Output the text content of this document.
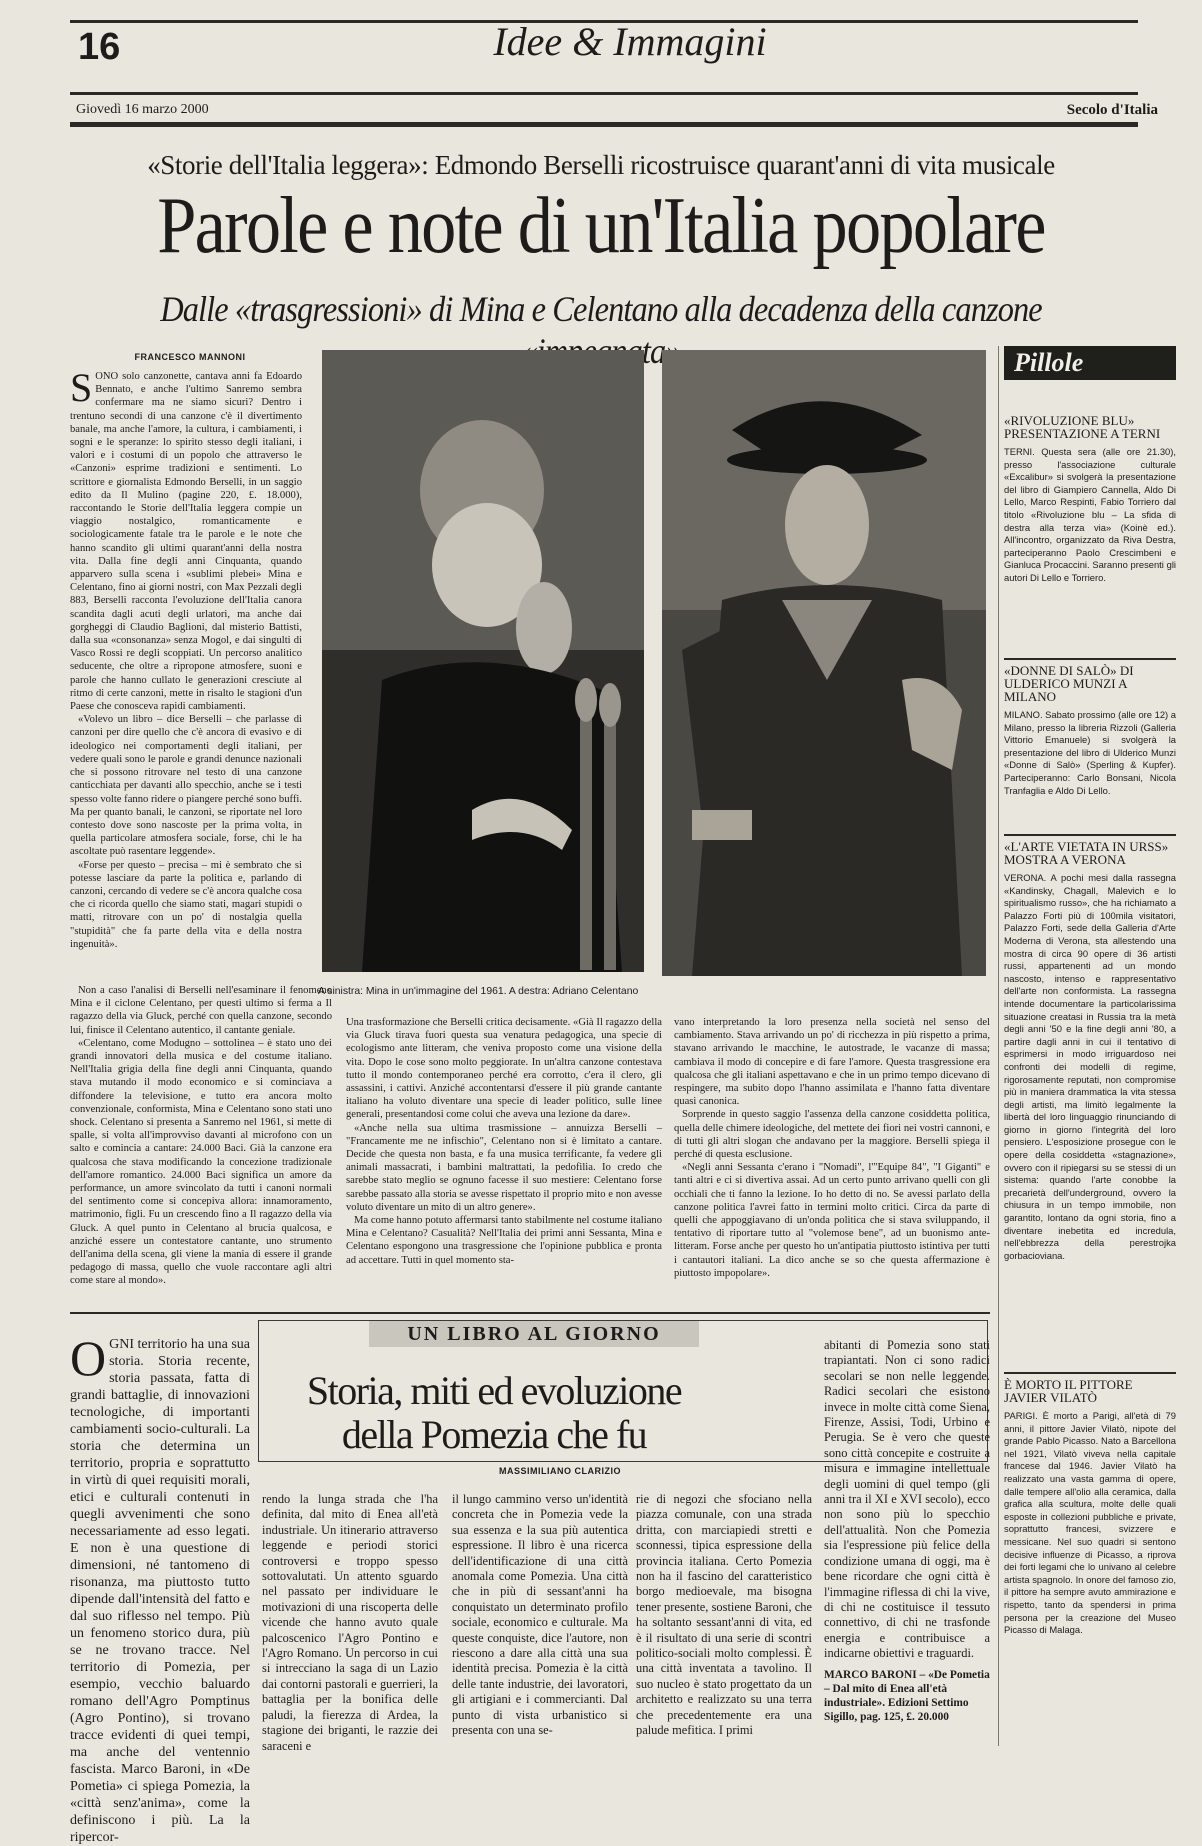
16	Idee & Immagini
Giovedì 16 marzo 2000	Secolo d'Italia
«Storie dell'Italia leggera»: Edmondo Berselli ricostruisce quarant'anni di vita musicale
Parole e note di un'Italia popolare
Dalle «trasgressioni» di Mina e Celentano alla decadenza della canzone
FRANCESCO MANNONI

SONO solo canzonette, cantava anni fa Edoardo Bennato, e anche l'ultimo Sanremo sembra confermare ma ne siamo sicuri? Dentro i trentuno secondi di una canzone c'è il divertimento banale, ma anche l'amore, la cultura, i cambiamenti, i sogni e le speranze: lo spirito stesso degli italiani, i valori e i costumi di un popolo che attraverso le «Canzoni» esprime tradizioni e sentimenti. Lo scrittore e giornalista Edmondo Berselli, in un saggio edito da Il Mulino (pagine 220, £. 18.000), raccontando le Storie dell'Italia leggera compie un viaggio nostalgico, romanticamente e sociologicamente fatale tra le parole e le note che hanno scandito gli ultimi quarant'anni della nostra vita. Dalla fine degli anni Cinquanta, quando apparvero sulla scena i «sublimi plebei» Mina e Celentano, fino ai giorni nostri, con Max Pezzali degli 883, Berselli racconta l'evoluzione dell'Italia canora scandita dagli acuti degli urlatori, ma anche dai gorgheggi di Claudio Baglioni, dal misterio Battisti, dalla sua «consonanza» senza Mogol, e dai singulti di Vasco Rossi re degli scoppiati. Un percorso analitico seducente, che oltre a ripropone atmosfere, suoni e parole che hanno cullato le generazioni cresciute al ritmo di certe canzoni, mette in risalto le stagioni d'un Paese che conosceva rapidi cambiamenti.

«Volevo un libro – dice Berselli – che parlasse di canzoni per dire quello che c'è ancora di evasivo e di ideologico nei comportamenti degli italiani, per vedere quali sono le parole e grandi denunce nazionali che si possono ritrovare nel testo di una canzone canticchiata per davanti allo specchio, anche se i testi spesso volte fanno ridere o piangere perché sono buffi. Ma per quanto banali, le canzoni, se riportate nel loro contesto dove sono nascoste per la prima volta, in quella particolare atmosfera sociale, forse, chi le ha ascoltate può rasentare leggende».

«Forse per questo – precisa – mi è sembrato che si potesse lasciare da parte la politica e, parlando di canzoni, cercando di vedere se c'è ancora qualche cosa che ci ricorda quello che siamo stati, magari stupidi o matti, ritrovare con un po' di nostalgia quella "stupidità" che fa parte della vita e della nostra ingenuità».

Non a caso l'analisi di Berselli nell'esaminare il fenomeno Mina e il ciclone Celentano, per questi ultimo si ferma a Il ragazzo della via Gluck, perché con quella canzone, secondo lui, finisce il Celentano autentico, il cantante geniale.

«Celentano, come Modugno – sottolinea – è stato uno dei grandi innovatori della musica e del costume italiano. Nell'Italia grigia della fine degli anni Cinquanta, quando stava mutando il modo economico e si cominciava a diffondere la televisione, e tutto era ancora molto convenzionale, conformista, Mina e Celentano sono stati uno shock. Celentano si presenta a Sanremo nel 1961, si mette di spalle, si volta all'improvviso davanti al microfono con un salto e comincia a cantare: 24.000 Baci. Già la canzone era qualcosa che stava modificando la concezione tradizionale dell'amore romantico. 24.000 Baci significa un amore da performance, un amore svincolato da tutti i canoni normali del sentimento come si concepiva allora: innamoramento, matrimonio, figli. Fu un crescendo fino a Il ragazzo della via Gluck. A quel punto in Celentano al brucia qualcosa, e anziché essere un contestatore cantante, uno strumento dell'anima della scena, gli viene la mania di essere il grande pedagogo di massa, quello che vuole raccontare agli altri come stare al mondo».

A sinistra: Mina in un'immagine del 1961. A destra: Adriano Celentano

Una trasformazione che Berselli critica decisamente. «Già Il ragazzo della via Gluck tirava fuori questa sua venatura pedagogica, una specie di ecologismo ante litteram, che veniva proposto come una visione della vita. Dopo le cose sono molto peggiorate. In un'altra canzone contestava tutto il mondo contemporaneo perché era corrotto, c'era il clero, gli assassini, i cattivi. Anziché accontentarsi d'essere il più grande cantante italiano ha voluto diventare una specie di leader politico, sulle linee generali, presentandosi come colui che aveva una lezione da dare».

«Anche nella sua ultima trasmissione – annuizza Berselli – "Francamente me ne infischio", Celentano non si è limitato a cantare. Decide che questa non basta, e fa una musica terrificante, fa vedere gli animali massacrati, i bambini maltrattati, la pedofilia. Io credo che sarebbe stato meglio se ognuno facesse il suo mestiere: Celentano forse sarebbe passato alla storia se avesse rispettato il proprio mito e non avesse voluto diventare un mito di un altro genere».

Ma come hanno potuto affermarsi tanto stabilmente nel costume italiano Mina e Celentano? Casualità? Nell'Italia dei primi anni Sessanta, Mina e Celentano espongono una trasgressione che l'opinione pubblica e pronta ad accettare. Tutti in quel momento sta-

vano interpretando la loro presenza nella società nel senso del cambiamento. Stava arrivando un po' di ricchezza in più rispetto a prima, stavano arrivando le macchine, le autostrade, le vacanze di massa; cambiava il modo di concepire e di fare l'amore. Questa trasgressione era qualcosa che gli italiani aspettavano e che in un primo tempo dicevano di respingere, ma subito dopo l'hanno assimilata e l'hanno fatta diventare quasi canonica.

Sorprende in questo saggio l'assenza della canzone cosiddetta politica, quella delle chimere ideologiche, del mettete dei fiori nei vostri cannoni, e di tutti gli altri slogan che andavano per la maggiore. Berselli spiega il perché di questa esclusione.

«Negli anni Sessanta c'erano i "Nomadi", l'"Equipe 84", "I Giganti" e tanti altri e ci si divertiva assai. Ad un certo punto arrivano quelli con gli occhiali che ti fanno la lezione. Io ho detto di no. Se avessi parlato della canzone politica l'avrei fatto in termini molto critici. Circa da parte di quelli che appoggiavano di un'onda politica che si stava sviluppando, il tentativo di riportare tutto al "volemose bene", ad un buonismo ante-litteram. Forse anche per questo ho un'antipatia piuttosto istintiva per tutti i cantautori italiani. La dico anche se so che questa affermazione è piuttosto impopolare».

Pillole
«RIVOLUZIONE BLU» PRESENTAZIONE A TERNI
TERNI. Questa sera (alle ore 21.30), presso l'associazione culturale «Excalibur» si svolgerà la presentazione del libro di Giampiero Cannella, Aldo Di Lello, Marco Respinti, Fabio Torriero dal titolo «Rivoluzione blu – La sfida di destra alla terza via» (Koinè ed.). All'incontro, organizzato da Riva Destra, parteciperanno Paolo Crescimbeni e Gianluca Procaccini. Saranno presenti gli autori Di Lello e Torriero.
«DONNE DI SALÒ» DI ULDERICO MUNZI A MILANO
MILANO. Sabato prossimo (alle ore 12) a Milano, presso la libreria Rizzoli (Galleria Vittorio Emanuele) si svolgerà la presentazione del libro di Ulderico Munzi «Donne di Salò» (Sperling & Kupfer). Parteciperanno: Carlo Bonsani, Nicola Tranfaglia e Aldo Di Lello.
«L'ARTE VIETATA IN URSS» MOSTRA A VERONA
VERONA. A pochi mesi dalla rassegna «Kandinsky, Chagall, Malevich e lo spiritualismo russo», che ha richiamato a Palazzo Forti più di 100mila visitatori, Palazzo Forti, sede della Galleria d'Arte Moderna di Verona, sta allestendo una mostra di circa 90 opere di 36 artisti russi, appartenenti ad un mondo nascosto, intenso e rappresentativo dell'arte non conformista. La rassegna intende documentare la particolarissima situazione creatasi in Russia tra la metà degli anni '50 e la fine degli anni '80, a partire dagli anni in cui il tentativo di esprimersi in modo irriguardoso nei confronti dei modelli di regime, rigorosamente reputati, non compromise più in maniera drammatica la vita stessa degli artisti, ma limitò legalmente la libertà del loro linguaggio rinunciando di giorno in giorno l'integrità del loro pensiero. L'esposizione prosegue con le opere della cosiddetta «stagnazione», ovvero con il ripiegarsi su se stessi di un sistema: quando l'arte conobbe la precarietà dell'underground, ovvero la chiusura in un tempo immobile, non garantito, lontano da ogni storia, fino a diventare inebetita ed incredula, nell'ebbrezza della perestrojka gorbacioviana.
È MORTO IL PITTORE JAVIER VILATÒ
PARIGI. È morto a Parigi, all'età di 79 anni, il pittore Javier Vilatò, nipote del grande Pablo Picasso. Nato a Barcellona nel 1921, Vilatò viveva nella capitale francese dal 1946. Javier Vilatò ha realizzato una vasta gamma di opere, dalle tempere all'olio alla ceramica, dalla grafica alla scultura, molte delle quali esposte in collezioni pubbliche e private, soprattutto francesi, svizzere e messicane. Nel suo quadri si sentono decisive influenze di Picasso, a riprova dei forti legami che lo univano al celebre artista spagnolo. In onore del famoso zio, il pittore ha sempre avuto ammirazione e rispetto, tanto da spendersi in prima persona per la creazione del Museo Picasso di Malaga.
UN LIBRO AL GIORNO
Storia, miti ed evoluzione
della Pomezia che fu
MASSIMILIANO CLARIZIO

OGNI territorio ha una sua storia. Storia recente, storia passata, fatta di grandi battaglie, di innovazioni tecnologiche, di importanti cambiamenti socio-culturali. La storia che determina un territorio, propria e soprattutto in virtù di quei requisiti morali, etici e culturali contenuti in quegli avvenimenti che sono necessariamente ad esso legati. E non è una questione di dimensioni, né tantomeno di risonanza, ma piuttosto tutto dipende dall'intensità del fatto e dal suo riflesso nel tempo. Più un fenomeno storico dura, più se ne trovano tracce. Nel territorio di Pomezia, per esempio, vecchio baluardo romano dell'Agro Pomptinus (Agro Pontino), si trovano tracce evidenti di quei tempi, ma anche del ventennio fascista. Marco Baroni, in «De Pometia» ci spiega Pomezia, la «città senz'anima», come la definiscono i più. La la ripercor-

rendo la lunga strada che l'ha definita, dal mito di Enea all'età industriale. Un itinerario attraverso leggende e periodi storici controversi e troppo spesso sottovalutati. Un attento sguardo nel passato per individuare le motivazioni di una riscoperta delle vicende che hanno avuto quale palcoscenico l'Agro Pontino e l'Agro Romano. Un percorso in cui si intrecciano la saga di un Lazio dai contorni pastorali e guerrieri, la battaglia per la bonifica delle paludi, la fierezza di Ardea, la stagione dei briganti, le razzie dei saraceni e

il lungo cammino verso un'identità concreta che in Pomezia vede la sua essenza e la sua più autentica espressione. Il libro è una ricerca dell'identificazione di una città anomala come Pomezia. Una città che in più di sessant'anni ha conquistato un determinato profilo sociale, economico e culturale. Ma queste conquiste, dice l'autore, non riescono a dare alla città una sua identità precisa. Pomezia è la città delle tante industrie, dei lavoratori, gli artigiani e i commercianti. Dal punto di vista urbanistico si presenta con una se-

rie di negozi che sfociano nella piazza comunale, con una strada dritta, con marciapiedi stretti e sconnessi, tipica espressione della provincia italiana. Certo Pomezia non ha il fascino del caratteristico borgo medioevale, ma bisogna tener presente, sostiene Baroni, che ha soltanto sessant'anni di vita, ed è il risultato di una serie di scontri politico-sociali molto complessi. È una città inventata a tavolino. Il suo nucleo è stato progettato da un architetto e realizzato su una terra che precedentemente era una palude mefitica. I primi

abitanti di Pomezia sono stati trapiantati. Non ci sono radici secolari se non nelle leggende. Radici secolari che esistono invece in molte città come Siena, Firenze, Assisi, Todi, Urbino e Perugia. Se è vero che queste sono città concepite e costruite a misura e immagine intellettuale degli uomini di quel tempo (gli anni tra il XI e XVI secolo), ecco non sono più lo specchio dell'attualità. Non che Pomezia sia l'espressione più felice della condizione umana di oggi, ma è bene ricordare che ogni città è l'immagine riflessa di chi la vive, di chi ne costituisce il tessuto connettivo, di chi ne trasfonde energia e contribuisce a indicarne obiettivi e traguardi.

MARCO BARONI – «De Pometia – Dal mito di Enea all'età industriale». Edizioni Settimo Sigillo, pag. 125, £. 20.000
